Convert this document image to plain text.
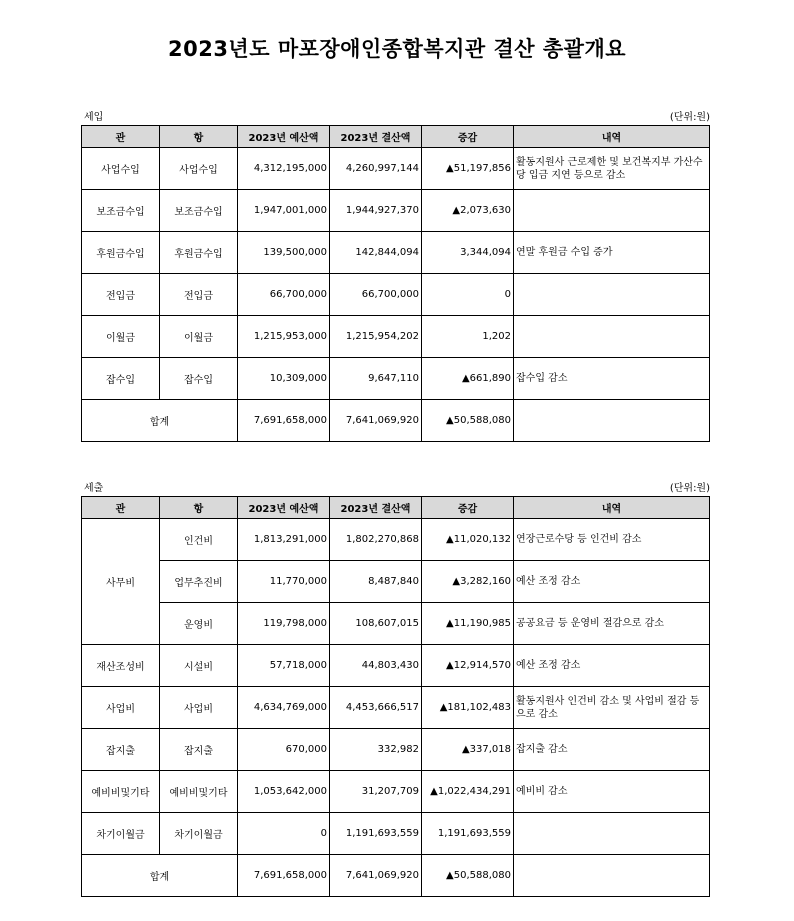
2023년도 마포장애인종합복지관 결산 총괄개요
세입	(단위:원)
관	항	2023년 예산액	2023년 결산액	증감	내역
사업수입	사업수입	4,312,195,000	4,260,997,144	▲51,197,856	활동지원사 근로제한 및 보건복지부 가산수당 입금 지연 등으로 감소
보조금수입	보조금수입	1,947,001,000	1,944,927,370	▲2,073,630	
후원금수입	후원금수입	139,500,000	142,844,094	3,344,094	연말 후원금 수입 증가
전입금	전입금	66,700,000	66,700,000	0	
이월금	이월금	1,215,953,000	1,215,954,202	1,202	
잡수입	잡수입	10,309,000	9,647,110	▲661,890	잡수입 감소
합계		7,691,658,000	7,641,069,920	▲50,588,080	
세출	(단위:원)
관	항	2023년 예산액	2023년 결산액	증감	내역
사무비	인건비	1,813,291,000	1,802,270,868	▲11,020,132	연장근로수당 등 인건비 감소
	업무추진비	11,770,000	8,487,840	▲3,282,160	예산 조정 감소
	운영비	119,798,000	108,607,015	▲11,190,985	공공요금 등 운영비 절감으로 감소
재산조성비	시설비	57,718,000	44,803,430	▲12,914,570	예산 조정 감소
사업비	사업비	4,634,769,000	4,453,666,517	▲181,102,483	활동지원사 인건비 감소 및 사업비 절감 등으로 감소
잡지출	잡지출	670,000	332,982	▲337,018	잡지출 감소
예비비및기타	예비비및기타	1,053,642,000	31,207,709	▲1,022,434,291	예비비 감소
차기이월금	차기이월금	0	1,191,693,559	1,191,693,559	
합계		7,691,658,000	7,641,069,920	▲50,588,080	
